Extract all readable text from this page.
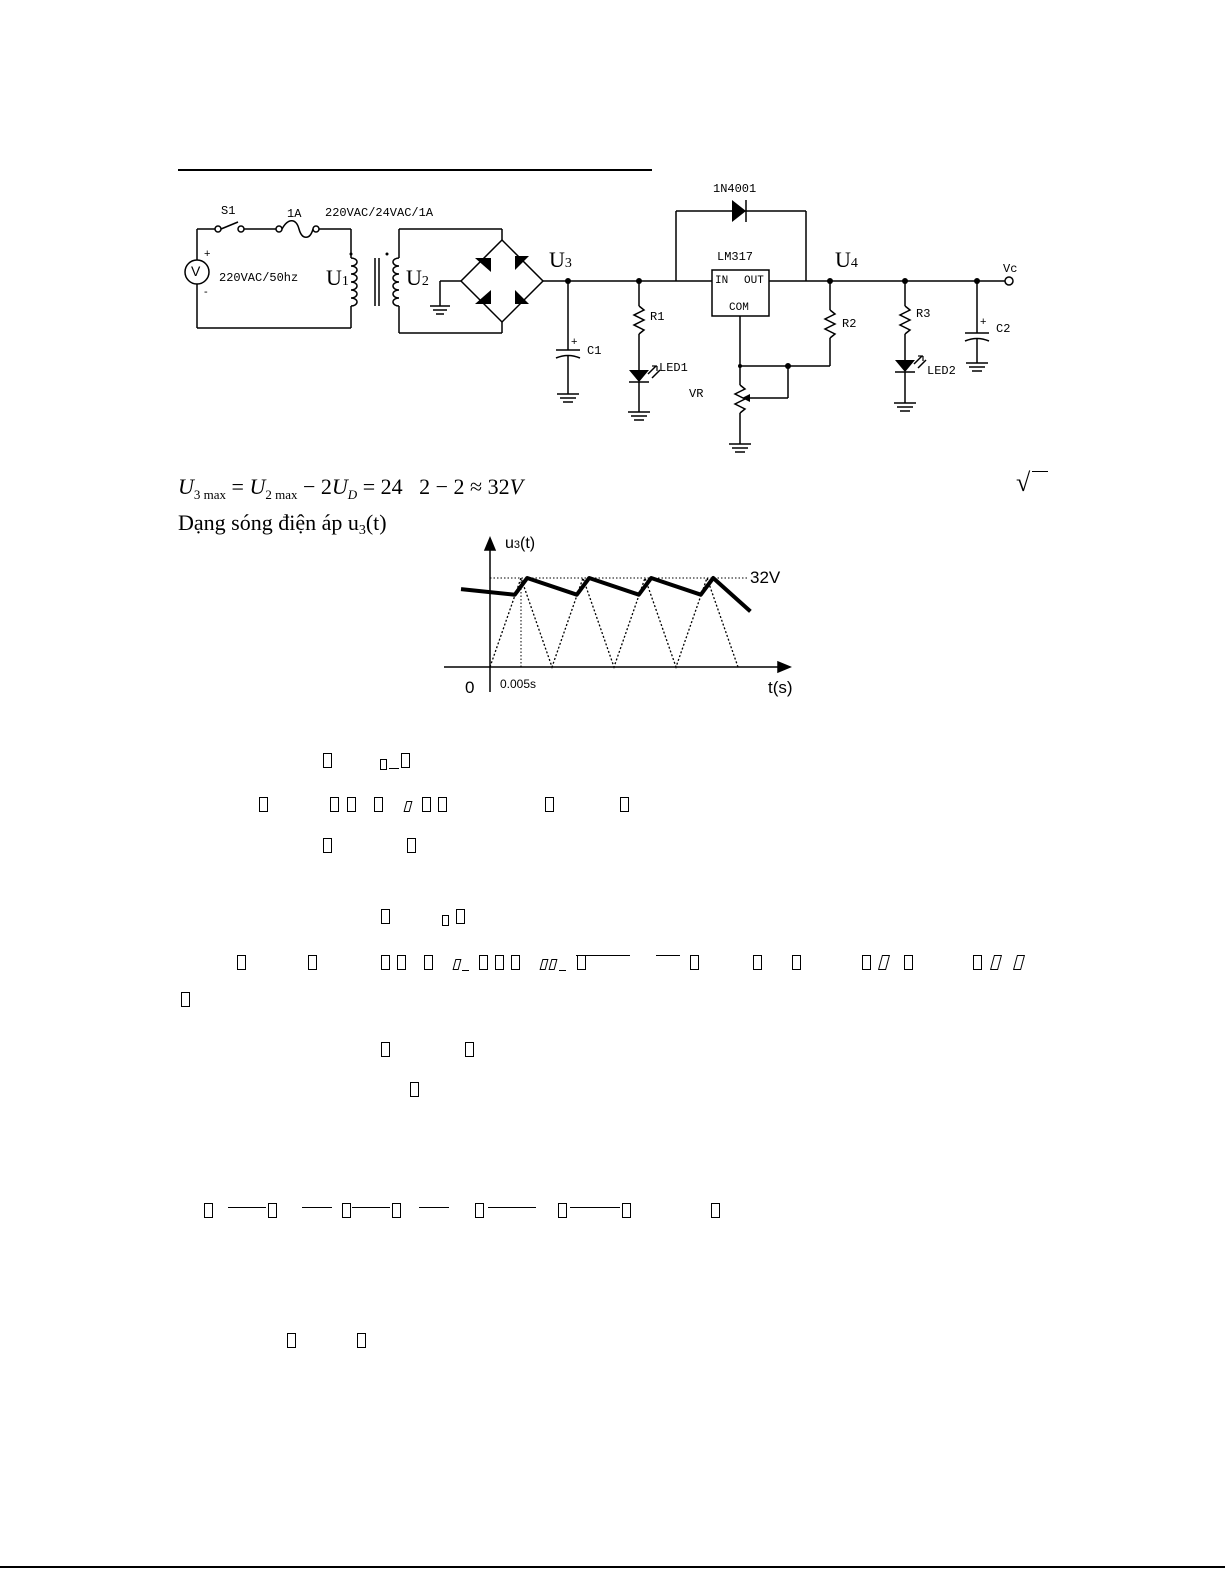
S1	1A 220VAC/24VAC/1A
220VAC/50hz
V
+
-
U1	U2
U3	U4
1N4001
LM317
IN OUT
COM
R1	R2
R3
C1
C2
+
+
LED1	LED2
VR
Vc
$U_{3 max} = U_{2 max} - 2U_D = 24$ 2 − 2 ≈ 32V	√
Dạng sóng điện áp u3(t)
u3(t)
32V
0 0.005s	t(s)
